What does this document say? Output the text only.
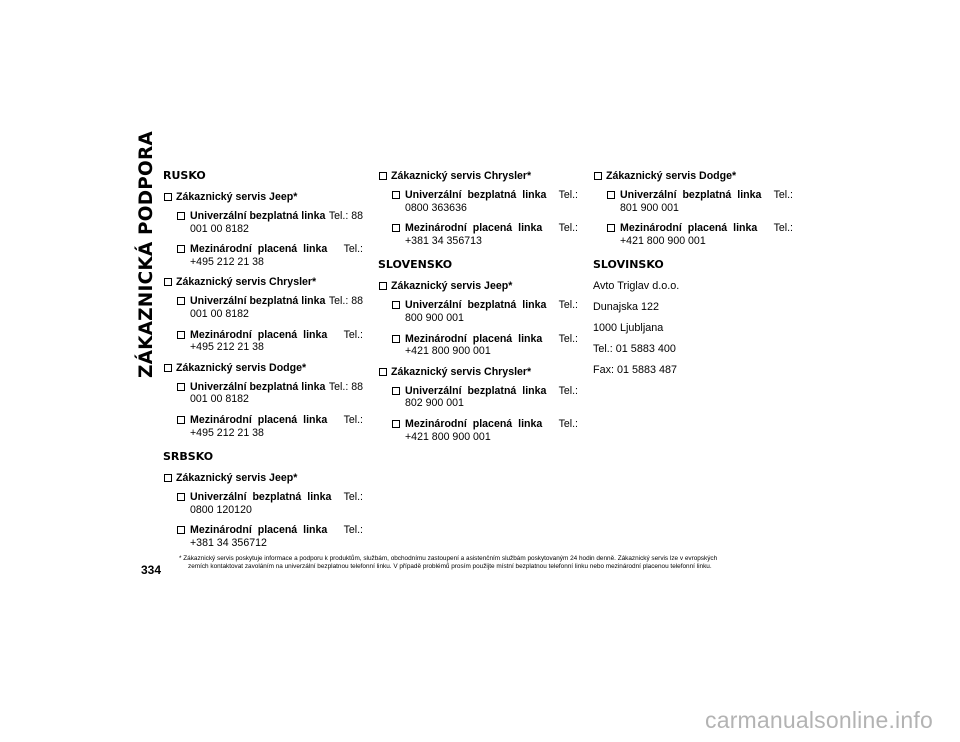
ZÁKAZNICKÁ PODPORA RUSKO
Zákaznický servis Jeep*
Univerzální bezplatná linka Tel.: 88
001 00 8182
Mezinárodní placená linka Tel.:
+495 212 21 38
Zákaznický servis Chrysler*
Univerzální bezplatná linka Tel.: 88
001 00 8182
Mezinárodní placená linka Tel.:
+495 212 21 38
Zákaznický servis Dodge*
Univerzální bezplatná linka Tel.: 88
001 00 8182
Mezinárodní placená linka Tel.:
+495 212 21 38
SRBSKO
Zákaznický servis Jeep*
Univerzální bezplatná linka Tel.:
0800 120120
Mezinárodní placená linka Tel.:
+381 34 356712
Zákaznický servis Chrysler*
Univerzální bezplatná linka Tel.:
0800 363636
Mezinárodní placená linka Tel.:
+381 34 356713
SLOVENSKO
Zákaznický servis Jeep*
Univerzální bezplatná linka Tel.:
800 900 001
Mezinárodní placená linka Tel.:
+421 800 900 001
Zákaznický servis Chrysler*
Univerzální bezplatná linka Tel.:
802 900 001
Mezinárodní placená linka Tel.:
+421 800 900 001
Zákaznický servis Dodge*
Univerzální bezplatná linka Tel.:
801 900 001
Mezinárodní placená linka Tel.:
+421 800 900 001
SLOVINSKO
Avto Triglav d.o.o.
Dunajska 122
1000 Ljubljana
Tel.: 01 5883 400
Fax: 01 5883 487
334
* Zákaznický servis poskytuje informace a podporu k produktům, službám, obchodnímu zastoupení a asistenčním službám poskytovaným 24 hodin denně. Zákaznický servis lze v evropských
zemích kontaktovat zavoláním na univerzální bezplatnou telefonní linku. V případě problémů prosím použijte místní bezplatnou telefonní linku nebo mezinárodní placenou telefonní linku.
carmanualsonline.info
